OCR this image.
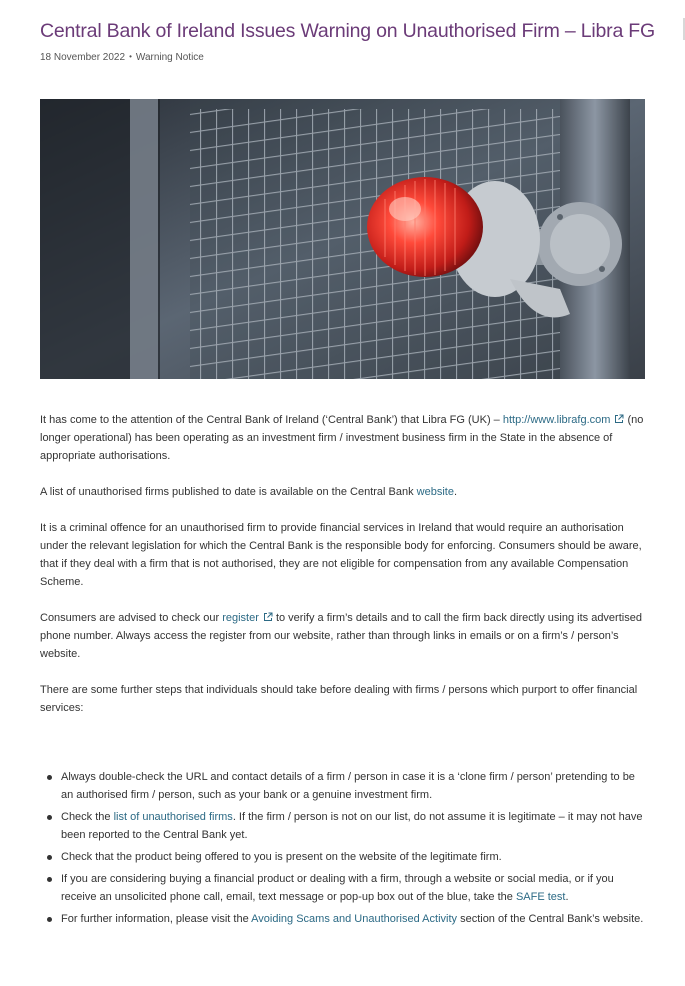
Central Bank of Ireland Issues Warning on Unauthorised Firm – Libra FG
18 November 2022 • Warning Notice

It has come to the attention of the Central Bank of Ireland (‘Central Bank’) that Libra FG (UK) – http://www.librafg.com (no longer operational) has been operating as an investment firm / investment business firm in the State in the absence of appropriate authorisations.

A list of unauthorised firms published to date is available on the Central Bank website.

It is a criminal offence for an unauthorised firm to provide financial services in Ireland that would require an authorisation under the relevant legislation for which the Central Bank is the responsible body for enforcing. Consumers should be aware, that if they deal with a firm that is not authorised, they are not eligible for compensation from any available Compensation Scheme.

Consumers are advised to check our register to verify a firm’s details and to call the firm back directly using its advertised phone number. Always access the register from our website, rather than through links in emails or on a firm’s / person’s website.

There are some further steps that individuals should take before dealing with firms / persons which purport to offer financial services:

Always double-check the URL and contact details of a firm / person in case it is a ‘clone firm / person’ pretending to be an authorised firm / person, such as your bank or a genuine investment firm.
Check the list of unauthorised firms. If the firm / person is not on our list, do not assume it is legitimate – it may not have been reported to the Central Bank yet.
Check that the product being offered to you is present on the website of the legitimate firm.
If you are considering buying a financial product or dealing with a firm, through a website or social media, or if you receive an unsolicited phone call, email, text message or pop-up box out of the blue, take the SAFE test.
For further information, please visit the Avoiding Scams and Unauthorised Activity section of the Central Bank’s website.
